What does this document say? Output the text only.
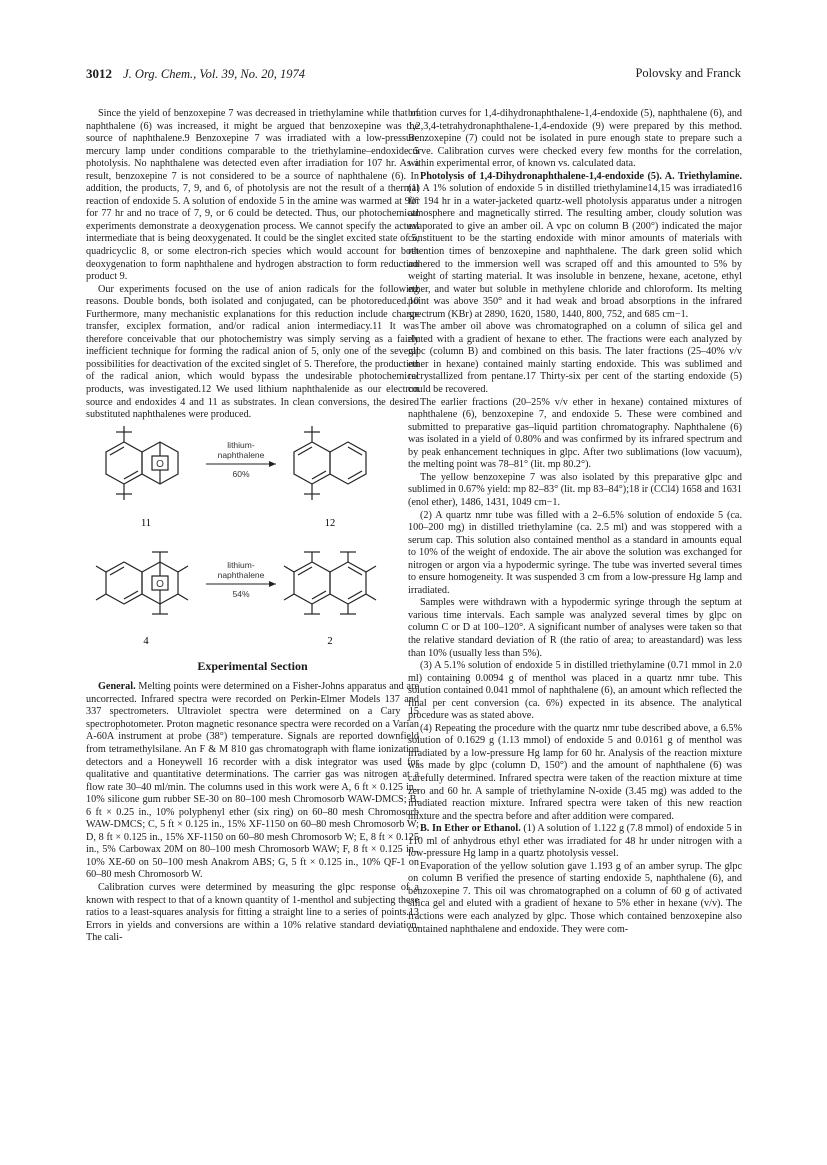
3012 J. Org. Chem., Vol. 39, No. 20, 1974	Polovsky and Franck

Since the yield of benzoxepine 7 was decreased in triethylamine while that of naphthalene (6) was increased, it might be argued that benzoxepine was the source of naphthalene.9 Benzoxepine 7 was irradiated with a low-pressure mercury lamp under conditions comparable to the triethylamine–endoxide 5 photolysis. No naphthalene was detected even after irradiation for 107 hr. As a result, benzoxepine 7 is not considered to be a source of naphthalene (6). In addition, the products, 7, 9, and 6, of photolysis are not the result of a thermal reaction of endoxide 5. A solution of endoxide 5 in the amine was warmed at 90° for 77 hr and no trace of 7, 9, or 6 could be detected. Thus, our photochemical experiments demonstrate a deoxygenation process. We cannot specify the actual intermediate that is being deoxygenated. It could be the singlet excited state of 5, quadricyclic 8, or some electron-rich species which would account for both deoxygenation to form naphthalene and hydrogen abstraction to form reduction product 9.

Our experiments focused on the use of anion radicals for the following reasons. Double bonds, both isolated and conjugated, can be photoreduced.10 Furthermore, many mechanistic explanations for this reduction include charge transfer, exciplex formation, and/or radical anion intermediacy.11 It was therefore conceivable that our photochemistry was simply serving as a fairly inefficient technique for forming the radical anion of 5, only one of the several possibilities for deactivation of the excited singlet of 5. Therefore, the production of the radical anion, which would bypass the undesirable photochemical products, was investigated.12 We used lithium naphthalenide as our electron source and endoxides 4 and 11 as substrates. In clean conversions, the desired substituted naphthalenes were produced.

O
lithium-
naphthalene
60%
11	12
O
lithium-
naphthalene
54%
4	2
Experimental Section

General. Melting points were determined on a Fisher-Johns apparatus and are uncorrected. Infrared spectra were recorded on Perkin-Elmer Models 137 and 337 spectrometers. Ultraviolet spectra were determined on a Cary 15 spectrophotometer. Proton magnetic resonance spectra were recorded on a Varian A-60A instrument at probe (38°) temperature. Signals are reported downfield from tetramethylsilane. An F & M 810 gas chromatograph with flame ionization detectors and a Honeywell 16 recorder with a disk integrator was used for qualitative and quantitative determinations. The carrier gas was nitrogen at a flow rate 30–40 ml/min. The columns used in this work were A, 6 ft × 0.125 in., 10% silicone gum rubber SE-30 on 80–100 mesh Chromosorb WAW-DMCS; B, 6 ft × 0.25 in., 10% polyphenyl ether (six ring) on 60–80 mesh Chromosorb WAW-DMCS; C, 5 ft × 0.125 in., 15% XF-1150 on 60–80 mesh Chromosorb W; D, 8 ft × 0.125 in., 15% XF-1150 on 60–80 mesh Chromosorb W; E, 8 ft × 0.125 in., 5% Carbowax 20M on 80–100 mesh Chromosorb WAW; F, 8 ft × 0.125 in., 10% XE-60 on 50–100 mesh Anakrom ABS; G, 5 ft × 0.125 in., 10% QF-1 on 60–80 mesh Chromosorb W.

Calibration curves were determined by measuring the glpc response of a known with respect to that of a known quantity of 1-menthol and subjecting these ratios to a least-squares analysis for fitting a straight line to a series of points.13 Errors in yields and conversions are within a 10% relative standard deviation. The cali-

bration curves for 1,4-dihydronaphthalene-1,4-endoxide (5), naphthalene (6), and 1,2,3,4-tetrahydronaphthalene-1,4-endoxide (9) were prepared by this method. Benzoxepine (7) could not be isolated in pure enough state to prepare such a curve. Calibration curves were checked every few months for the correlation, within experimental error, of known vs. calculated data.

Photolysis of 1,4-Dihydronaphthalene-1,4-endoxide (5). A. Triethylamine. (1) A 1% solution of endoxide 5 in distilled triethylamine14,15 was irradiated16 for 194 hr in a water-jacketed quartz-well photolysis apparatus under a nitrogen atmosphere and magnetically stirred. The resulting amber, cloudy solution was evaporated to give an amber oil. A vpc on column B (200°) indicated the major constituent to be the starting endoxide with minor amounts of materials with retention times of benzoxepine and naphthalene. The dark green solid which adhered to the immersion well was scraped off and this amounted to 5% by weight of starting material. It was insoluble in benzene, hexane, acetone, ethyl ether, and water but soluble in methylene chloride and chloroform. Its melting point was above 350° and it had weak and broad absorptions in the infrared spectrum (KBr) at 2890, 1620, 1580, 1440, 800, 752, and 685 cm−1.

The amber oil above was chromatographed on a column of silica gel and eluted with a gradient of hexane to ether. The fractions were each analyzed by glpc (column B) and combined on this basis. The later fractions (25–40% v/v ether in hexane) contained mainly starting endoxide. This was sublimed and recrystallized from pentane.17 Thirty-six per cent of the starting endoxide (5) could be recovered.

The earlier fractions (20–25% v/v ether in hexane) contained mixtures of naphthalene (6), benzoxepine 7, and endoxide 5. These were combined and submitted to preparative gas–liquid partition chromatography. Naphthalene (6) was isolated in a yield of 0.80% and was confirmed by its infrared spectrum and by peak enhancement techniques in glpc. After two sublimations (low vacuum), the melting point was 78–81° (lit. mp 80.2°).

The yellow benzoxepine 7 was also isolated by this preparative glpc and sublimed in 0.67% yield: mp 82–83° (lit. mp 83–84°);18 ir (CCl4) 1658 and 1631 (enol ether), 1486, 1431, 1049 cm−1.

(2) A quartz nmr tube was filled with a 2–6.5% solution of endoxide 5 (ca. 100–200 mg) in distilled triethylamine (ca. 2.5 ml) and was stoppered with a serum cap. This solution also contained menthol as a standard in amounts equal to 10% of the weight of endoxide. The air above the solution was exchanged for nitrogen or argon via a hypodermic syringe. The tube was inverted several times to ensure homogeneity. It was suspended 3 cm from a low-pressure Hg lamp and irradiated.

Samples were withdrawn with a hypodermic syringe through the septum at various time intervals. Each sample was analyzed several times by glpc on column C or D at 100–120°. A significant number of analyses were taken so that the relative standard deviation of R (the ratio of area; to areastandard) was less than 10% (usually less than 5%).

(3) A 5.1% solution of endoxide 5 in distilled triethylamine (0.71 mmol in 2.0 ml) containing 0.0094 g of menthol was placed in a quartz nmr tube. This solution contained 0.041 mmol of naphthalene (6), an amount which reflected the final per cent conversion (ca. 6%) expected in its absence. The analytical procedure was as stated above.

(4) Repeating the procedure with the quartz nmr tube described above, a 6.5% solution of 0.1629 g (1.13 mmol) of endoxide 5 and 0.0161 g of menthol was irradiated by a low-pressure Hg lamp for 60 hr. Analysis of the reaction mixture was made by glpc (column D, 150°) and the amount of naphthalene (6) was carefully determined. Infrared spectra were taken of the reaction mixture at time zero and 60 hr. A sample of triethylamine N-oxide (3.45 mg) was added to the irradiated reaction mixture. Infrared spectra were taken of this new reaction mixture and the spectra before and after addition were compared.

B. In Ether or Ethanol. (1) A solution of 1.122 g (7.8 mmol) of endoxide 5 in 110 ml of anhydrous ethyl ether was irradiated for 48 hr under nitrogen with a low-pressure Hg lamp in a quartz photolysis vessel.

Evaporation of the yellow solution gave 1.193 g of an amber syrup. The glpc on column B verified the presence of starting endoxide 5, naphthalene (6), and benzoxepine 7. This oil was chromatographed on a column of 60 g of activated silica gel and eluted with a gradient of hexane to 5% ether in hexane (v/v). The fractions were each analyzed by glpc. Those which contained benzoxepine also contained naphthalene and endoxide. They were com-
